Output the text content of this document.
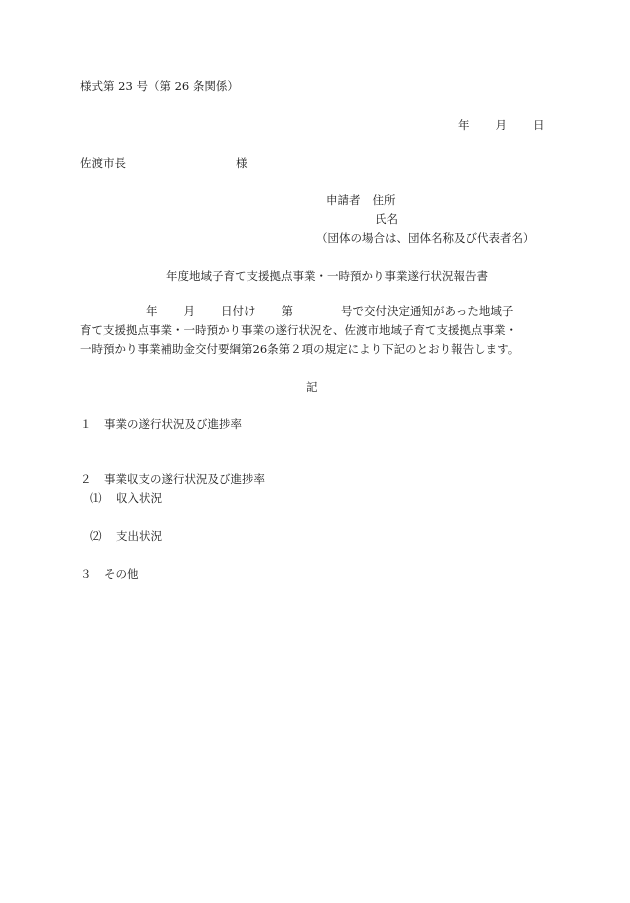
様式第 23 号（第 26 条関係）
年 月 日
佐渡市長	様
申請者 住所
氏名
（団体の場合は、団体名称及び代表者名）
年度地域子育て支援拠点事業・一時預かり事業遂行状況報告書
年 月 日付け 第	号で交付決定通知があった地域子
育て支援拠点事業・一時預かり事業の遂行状況を、佐渡市地域子育て支援拠点事業・
一時預かり事業補助金交付要綱第26条第２項の規定により下記のとおり報告します。
記
１ 事業の遂行状況及び進捗率
２ 事業収支の遂行状況及び進捗率
⑴ 収入状況
⑵ 支出状況
３ その他
